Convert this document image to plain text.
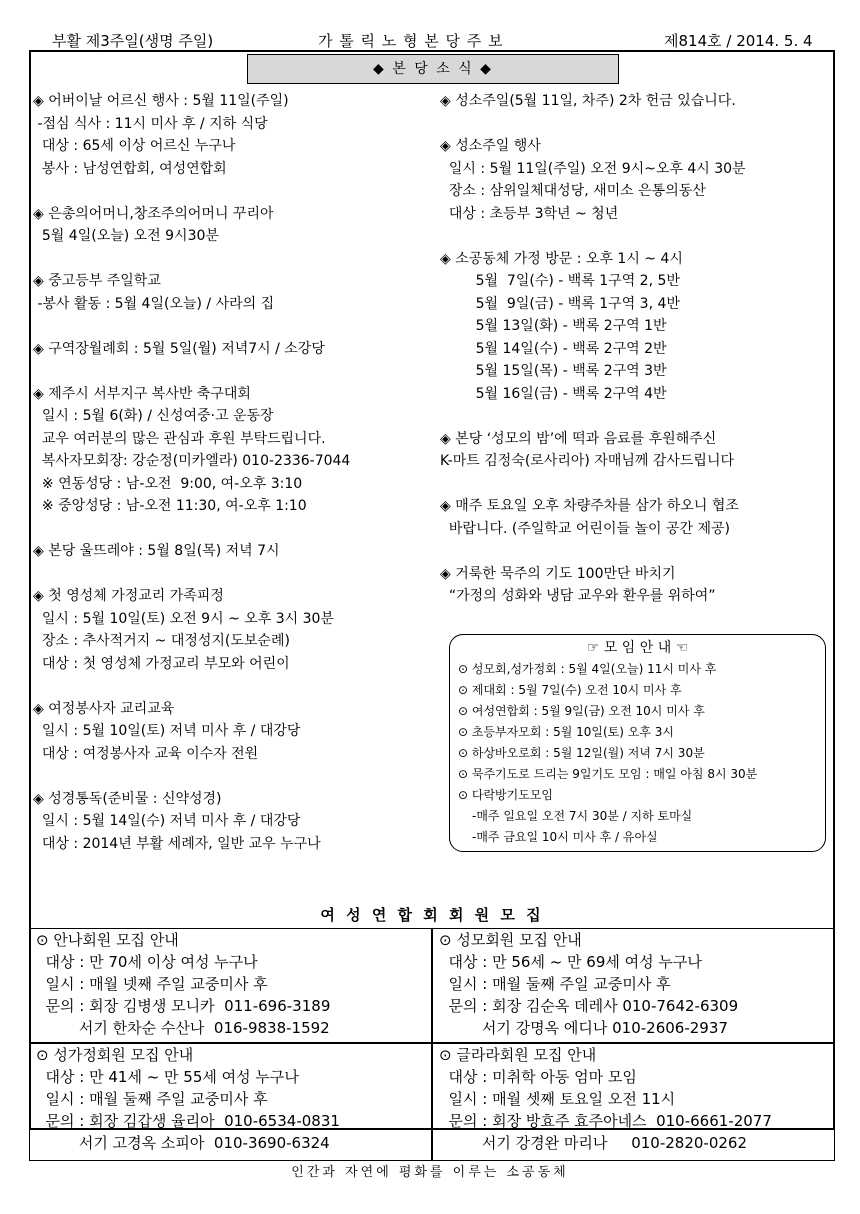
부활 제3주일(생명 주일)	가 톨 릭 노 형 본 당 주 보	제814호 / 2014. 5. 4
◆ 본 당 소 식 ◆

◈ 어버이날 어르신 행사 : 5월 11일(주일)

-점심 식사 : 11시 미사 후 / 지하 식당

대상 : 65세 이상 어르신 누구나

봉사 : 남성연합회, 여성연합회

◈ 은총의어머니,창조주의어머니 꾸리아

5월 4일(오늘) 오전 9시30분

◈ 중고등부 주일학교

-봉사 활동 : 5월 4일(오늘) / 사라의 집

◈ 구역장월례회 : 5월 5일(월) 저녁7시 / 소강당

◈ 제주시 서부지구 복사반 축구대회

일시 : 5월 6(화) / 신성여중·고 운동장

교우 여러분의 많은 관심과 후원 부탁드립니다.

복사자모회장: 강순정(미카엘라) 010-2336-7044

※ 연동성당 : 남-오전  9:00, 여-오후 3:10

※ 중앙성당 : 남-오전 11:30, 여-오후 1:10

◈ 본당 울뜨레야 : 5월 8일(목) 저녁 7시

◈ 첫 영성체 가정교리 가족피정

일시 : 5월 10일(토) 오전 9시 ~ 오후 3시 30분

장소 : 추사적거지 ~ 대정성지(도보순례)

대상 : 첫 영성체 가정교리 부모와 어린이

◈ 여정봉사자 교리교육

일시 : 5월 10일(토) 저녁 미사 후 / 대강당

대상 : 여정봉사자 교육 이수자 전원

◈ 성경통독(준비물 : 신약성경)

일시 : 5월 14일(수) 저녁 미사 후 / 대강당

대상 : 2014년 부활 세례자, 일반 교우 누구나

◈ 성소주일(5월 11일, 차주) 2차 헌금 있습니다.

◈ 성소주일 행사

일시 : 5월 11일(주일) 오전 9시~오후 4시 30분

장소 : 삼위일체대성당, 새미소 은통의동산

대상 : 초등부 3학년 ~ 청년

◈ 소공동체 가정 방문 : 오후 1시 ~ 4시

5월  7일(수) - 백록 1구역 2, 5반

5월  9일(금) - 백록 1구역 3, 4반

5월 13일(화) - 백록 2구역 1반

5월 14일(수) - 백록 2구역 2반

5월 15일(목) - 백록 2구역 3반

5월 16일(금) - 백록 2구역 4반

◈ 본당 ‘성모의 밤’에 떡과 음료를 후원해주신

K-마트 김정숙(로사리아) 자매님께 감사드립니다

◈ 매주 토요일 오후 차량주차를 삼가 하오니 협조

바랍니다. (주일학교 어린이들 놀이 공간 제공)

◈ 거룩한 묵주의 기도 100만단 바치기

“가정의 성화와 냉담 교우와 환우를 위하여”

☞ 모 임 안 내 ☜

⊙ 성모회,성가정회 : 5월 4일(오늘) 11시 미사 후

⊙ 제대회 : 5월 7일(수) 오전 10시 미사 후

⊙ 여성연합회 : 5월 9일(금) 오전 10시 미사 후

⊙ 초등부자모회 : 5월 10일(토) 오후 3시

⊙ 하상바오로회 : 5월 12일(월) 저녁 7시 30분

⊙ 묵주기도로 드리는 9일기도 모임 : 매일 아침 8시 30분

⊙ 다락방기도모임

-매주 일요일 오전 7시 30분 / 지하 토마실

-매주 금요일 10시 미사 후 / 유아실

여 성 연 합 회 회 원 모 집

⊙ 안나회원 모집 안내

대상 : 만 70세 이상 여성 누구나

일시 : 매월 넷째 주일 교중미사 후

문의 : 회장 김병생 모니카  011-696-3189

서기 한차순 수산나  016-9838-1592

⊙ 성모회원 모집 안내

대상 : 만 56세 ~ 만 69세 여성 누구나

일시 : 매월 둘째 주일 교중미사 후

문의 : 회장 김순옥 데레사 010-7642-6309

서기 강명옥 에디나 010-2606-2937

⊙ 성가정회원 모집 안내

대상 : 만 41세 ~ 만 55세 여성 누구나

일시 : 매월 둘째 주일 교중미사 후

문의 : 회장 김갑생 율리아  010-6534-0831

서기 고경옥 소피아  010-3690-6324

⊙ 글라라회원 모집 안내

대상 : 미취학 아동 엄마 모임

일시 : 매월 셋째 토요일 오전 11시

문의 : 회장 방효주 효주아네스  010-6661-2077

서기 강경완 마리나     010-2820-0262

인간과 자연에 평화를 이루는 소공동체
